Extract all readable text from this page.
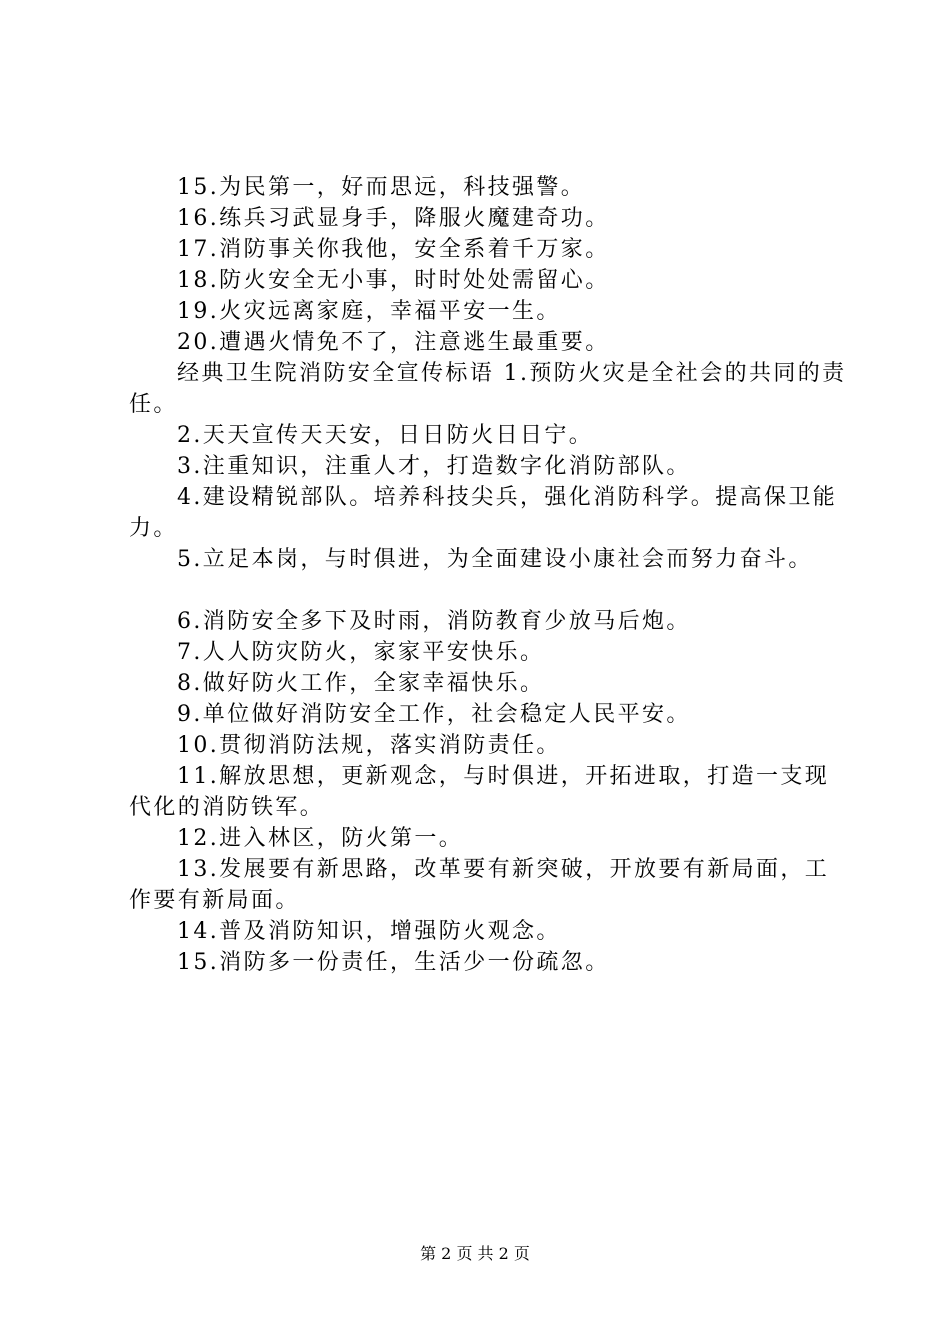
15.为民第一，好而思远，科技强警。

16.练兵习武显身手，降服火魔建奇功。

17.消防事关你我他，安全系着千万家。

18.防火安全无小事，时时处处需留心。

19.火灾远离家庭，幸福平安一生。

20.遭遇火情免不了，注意逃生最重要。

经典卫生院消防安全宣传标语 1.预防火灾是全社会的共同的责任。

2.天天宣传天天安，日日防火日日宁。

3.注重知识，注重人才，打造数字化消防部队。

4.建设精锐部队。培养科技尖兵，强化消防科学。提高保卫能力。

5.立足本岗，与时俱进，为全面建设小康社会而努力奋斗。

6.消防安全多下及时雨，消防教育少放马后炮。

7.人人防灾防火，家家平安快乐。

8.做好防火工作，全家幸福快乐。

9.单位做好消防安全工作，社会稳定人民平安。

10.贯彻消防法规，落实消防责任。

11.解放思想，更新观念，与时俱进，开拓进取，打造一支现代化的消防铁军。

12.进入林区，防火第一。

13.发展要有新思路，改革要有新突破，开放要有新局面，工作要有新局面。

14.普及消防知识，增强防火观念。

15.消防多一份责任，生活少一份疏忽。

第 2 页 共 2 页
